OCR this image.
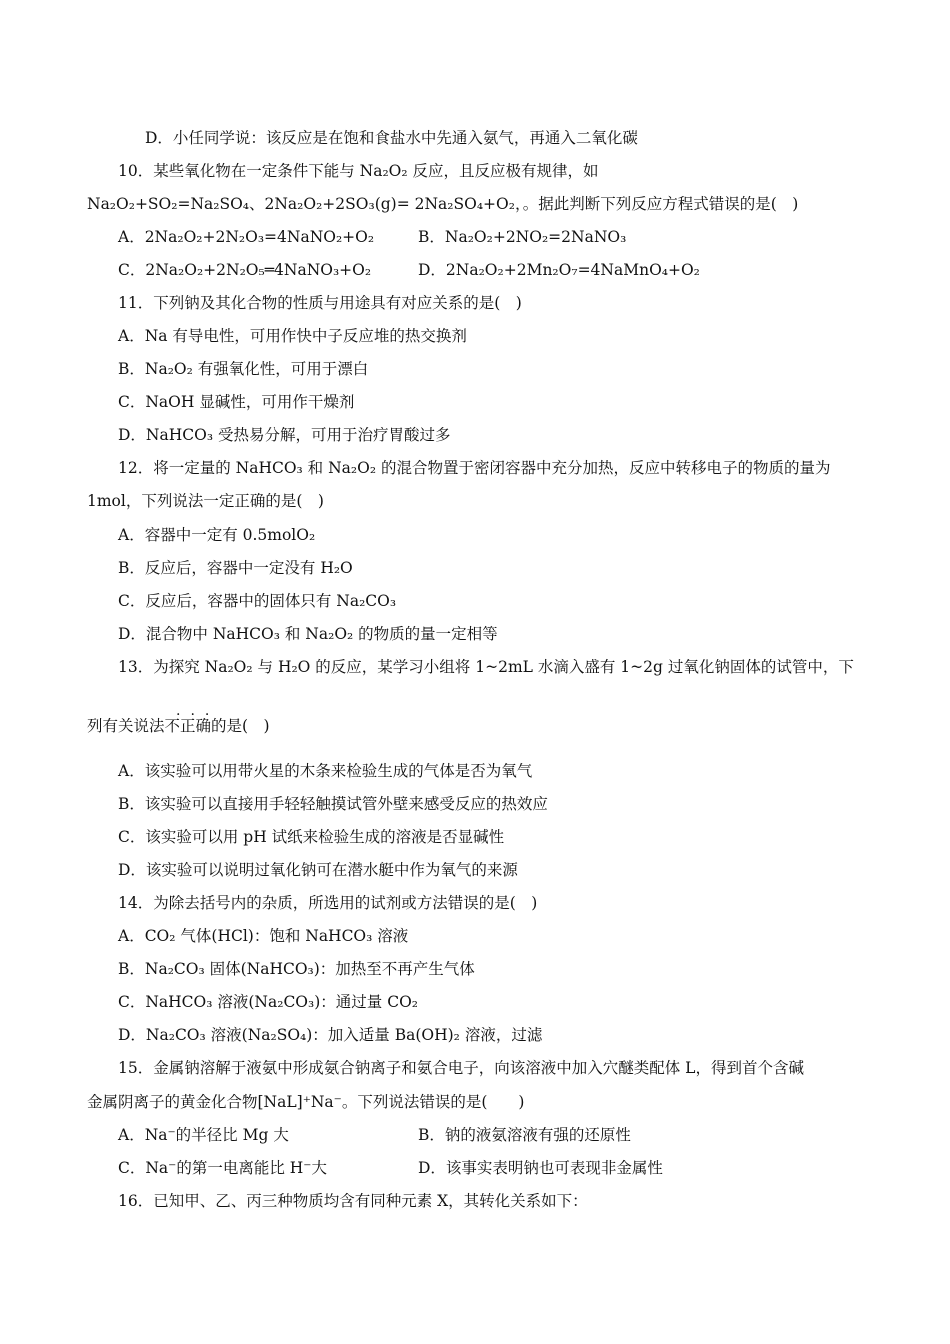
D．小任同学说：该反应是在饱和食盐水中先通入氨气，再通入二氧化碳
10．某些氧化物在一定条件下能与 Na₂O₂ 反应，且反应极有规律，如
Na₂O₂+SO₂=Na₂SO₄、2Na₂O₂+2SO₃(g)= 2Na₂SO₄+O₂，。据此判断下列反应方程式错误的是(　)
A．2Na₂O₂+2N₂O₃=4NaNO₂+O₂	B．Na₂O₂+2NO₂=2NaNO₃
C．2Na₂O₂+2N₂O₅═4NaNO₃+O₂	D．2Na₂O₂+2Mn₂O₇=4NaMnO₄+O₂
11．下列钠及其化合物的性质与用途具有对应关系的是(　)
A．Na 有导电性，可用作快中子反应堆的热交换剂
B．Na₂O₂ 有强氧化性，可用于漂白
C．NaOH 显碱性，可用作干燥剂
D．NaHCO₃ 受热易分解，可用于治疗胃酸过多
12．将一定量的 NaHCO₃ 和 Na₂O₂ 的混合物置于密闭容器中充分加热，反应中转移电子的物质的量为
1mol，下列说法一定正确的是(　)
A．容器中一定有 0.5molO₂
B．反应后，容器中一定没有 H₂O
C．反应后，容器中的固体只有 Na₂CO₃
D．混合物中 NaHCO₃ 和 Na₂O₂ 的物质的量一定相等
13．为探究 Na₂O₂ 与 H₂O 的反应，某学习小组将 1~2mL 水滴入盛有 1~2g 过氧化钠固体的试管中，下
...
列有关说法不正确的是(　)
A．该实验可以用带火星的木条来检验生成的气体是否为氧气
B．该实验可以直接用手轻轻触摸试管外壁来感受反应的热效应
C．该实验可以用 pH 试纸来检验生成的溶液是否显碱性
D．该实验可以说明过氧化钠可在潜水艇中作为氧气的来源
14．为除去括号内的杂质，所选用的试剂或方法错误的是(　)
A．CO₂ 气体(HCl)：饱和 NaHCO₃ 溶液
B．Na₂CO₃ 固体(NaHCO₃)：加热至不再产生气体
C．NaHCO₃ 溶液(Na₂CO₃)：通过量 CO₂
D．Na₂CO₃ 溶液(Na₂SO₄)：加入适量 Ba(OH)₂ 溶液，过滤
15．金属钠溶解于液氨中形成氨合钠离子和氨合电子，向该溶液中加入穴醚类配体 L，得到首个含碱
金属阴离子的黄金化合物[NaL]⁺Na⁻。下列说法错误的是(　　)
A．Na⁻的半径比 Mg 大	B．钠的液氨溶液有强的还原性
C．Na⁻的第一电离能比 H⁻大	D．该事实表明钠也可表现非金属性
16．已知甲、乙、丙三种物质均含有同种元素 X，其转化关系如下：
